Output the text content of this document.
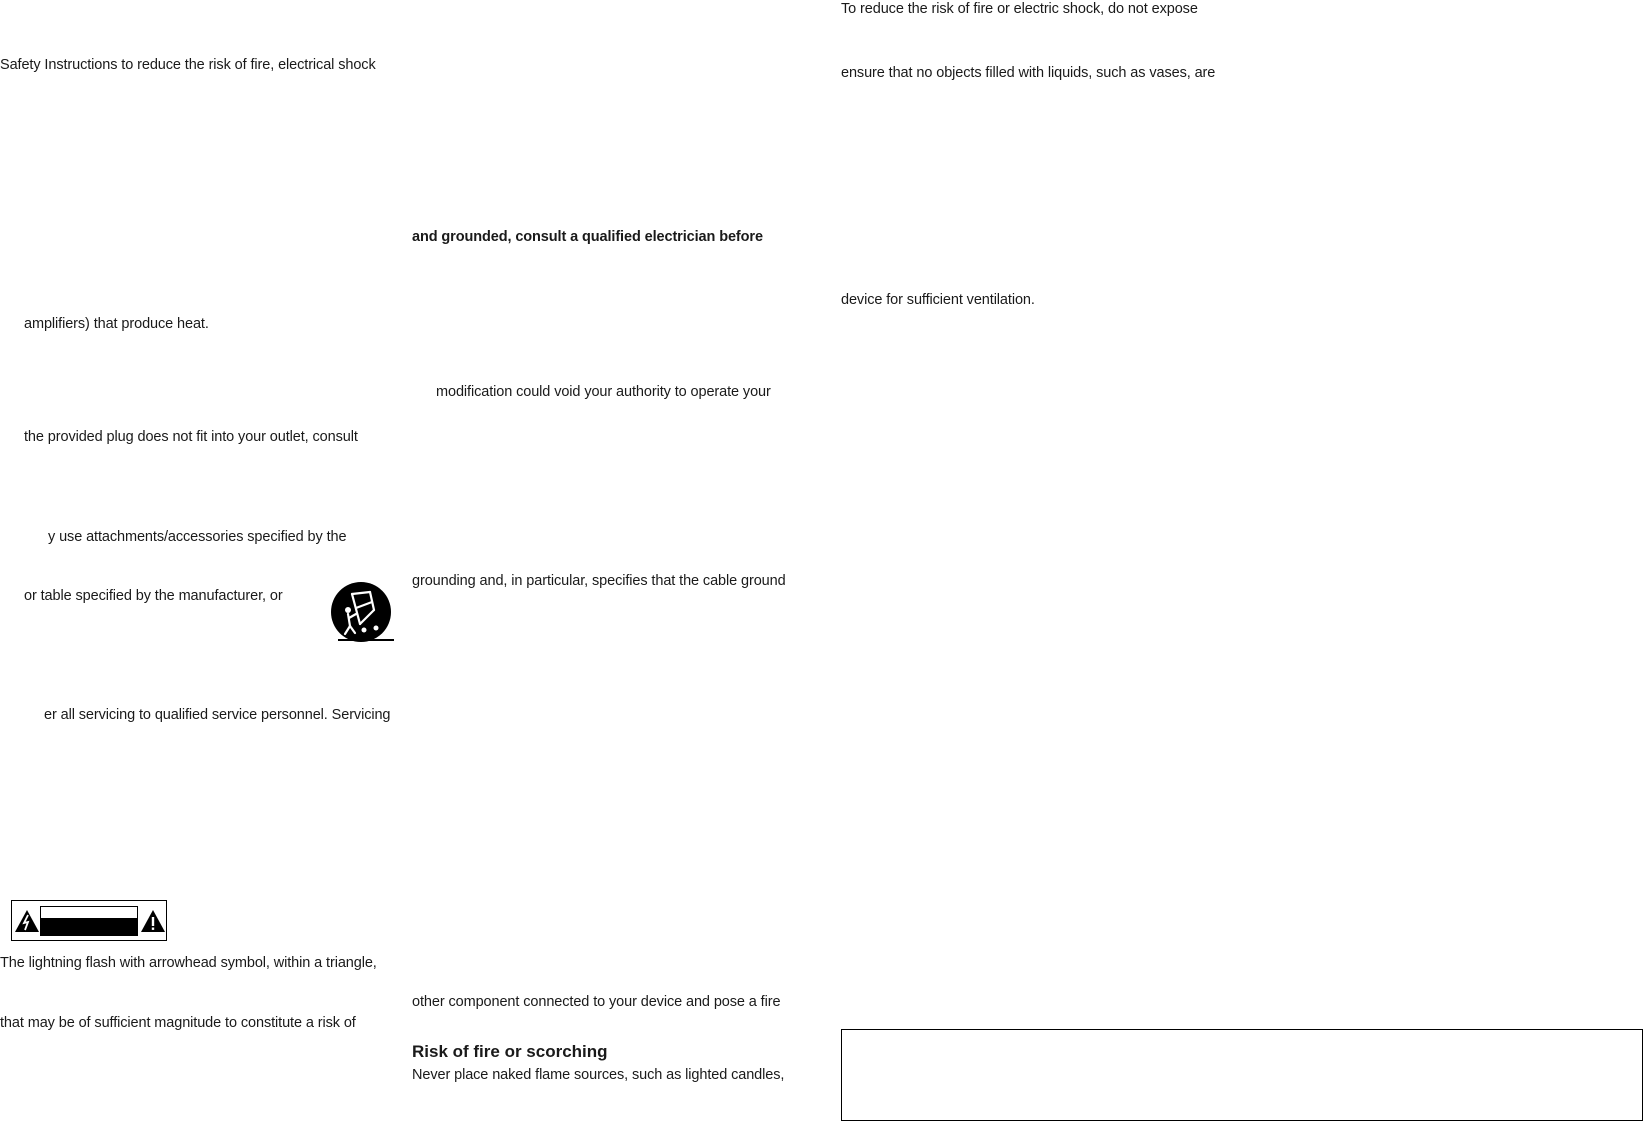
Safety Instructions to reduce the risk of fire, electrical shock
amplifiers) that produce heat.
the provided plug does not fit into your outlet, consult
y use attachments/accessories specified by the
or table specified by the manufacturer, or
er all servicing to qualified service personnel. Servicing
The lightning flash with arrowhead symbol, within a triangle,
that may be of sufficient magnitude to constitute a risk of
and grounded, consult a qualified electrician before
modification could void your authority to operate your
grounding and, in particular, specifies that the cable ground
other component connected to your device and pose a fire
Risk of fire or scorching
Never place naked flame sources, such as lighted candles,
To reduce the risk of fire or electric shock, do not expose
ensure that no objects filled with liquids, such as vases, are
device for sufficient ventilation.
